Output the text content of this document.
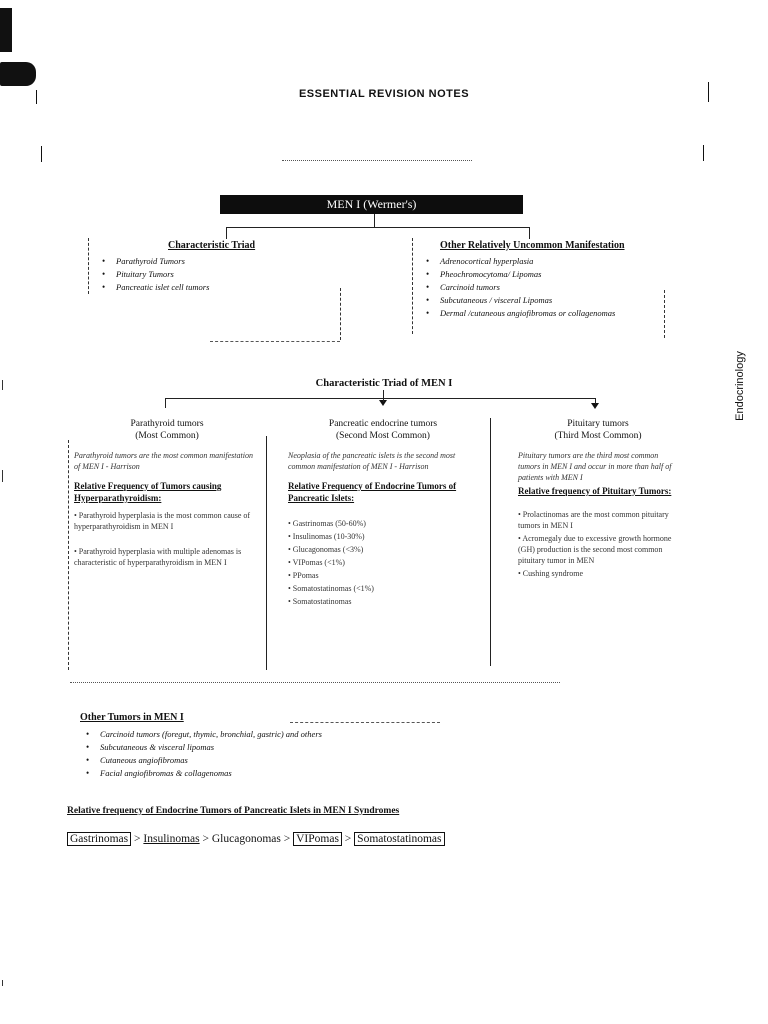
ESSENTIAL REVISION NOTES
Endocrinology
MEN I (Wermer's)
Characteristic Triad
• Parathyroid Tumors
• Pituitary Tumors
• Pancreatic islet cell tumors
Other Relatively Uncommon Manifestation
• Adrenocortical hyperplasia
• Pheochromocytoma/ Lipomas
• Carcinoid tumors
• Subcutaneous / visceral Lipomas
• Dermal /cutaneous angiofibromas or collagenomas
Characteristic Triad of MEN I
Parathyroid tumors
(Most Common)
Parathyroid tumors are the most common manifestation of MEN I - Harrison
Relative Frequency of Tumors causing Hyperparathyroidism:
• Parathyroid hyperplasia is the most common cause of hyperparathyroidism in MEN I
• Parathyroid hyperplasia with multiple adenomas is characteristic of hyperparathyroidism in MEN I
Pancreatic endocrine tumors
(Second Most Common)
Neoplasia of the pancreatic islets is the second most common manifestation of MEN I - Harrison
Relative Frequency of Endocrine Tumors of Pancreatic Islets:
• Gastrinomas (50-60%)
• Insulinomas (10-30%)
• Glucagonomas (<3%)
• VIPomas (<1%)
• PPomas
• Somatostatinomas (<1%)
• Somatostatinomas
Pituitary tumors
(Third Most Common)
Pituitary tumors are the third most common tumors in MEN I and occur in more than half of patients with MEN I
Relative frequency of Pituitary Tumors:
• Prolactinomas are the most common pituitary tumors in MEN I
• Acromegaly due to excessive growth hormone (GH) production is the second most common pituitary tumor in MEN
• Cushing syndrome
Other Tumors in MEN I
• Carcinoid tumors (foregut, thymic, bronchial, gastric) and others
• Subcutaneous & visceral lipomas
• Cutaneous angiofibromas
• Facial angiofibromas & collagenomas
Relative frequency of Endocrine Tumors of Pancreatic Islets in MEN I Syndromes
Gastrinomas > Insulinomas > Glucagonomas > VIPomas > Somatostatinomas
